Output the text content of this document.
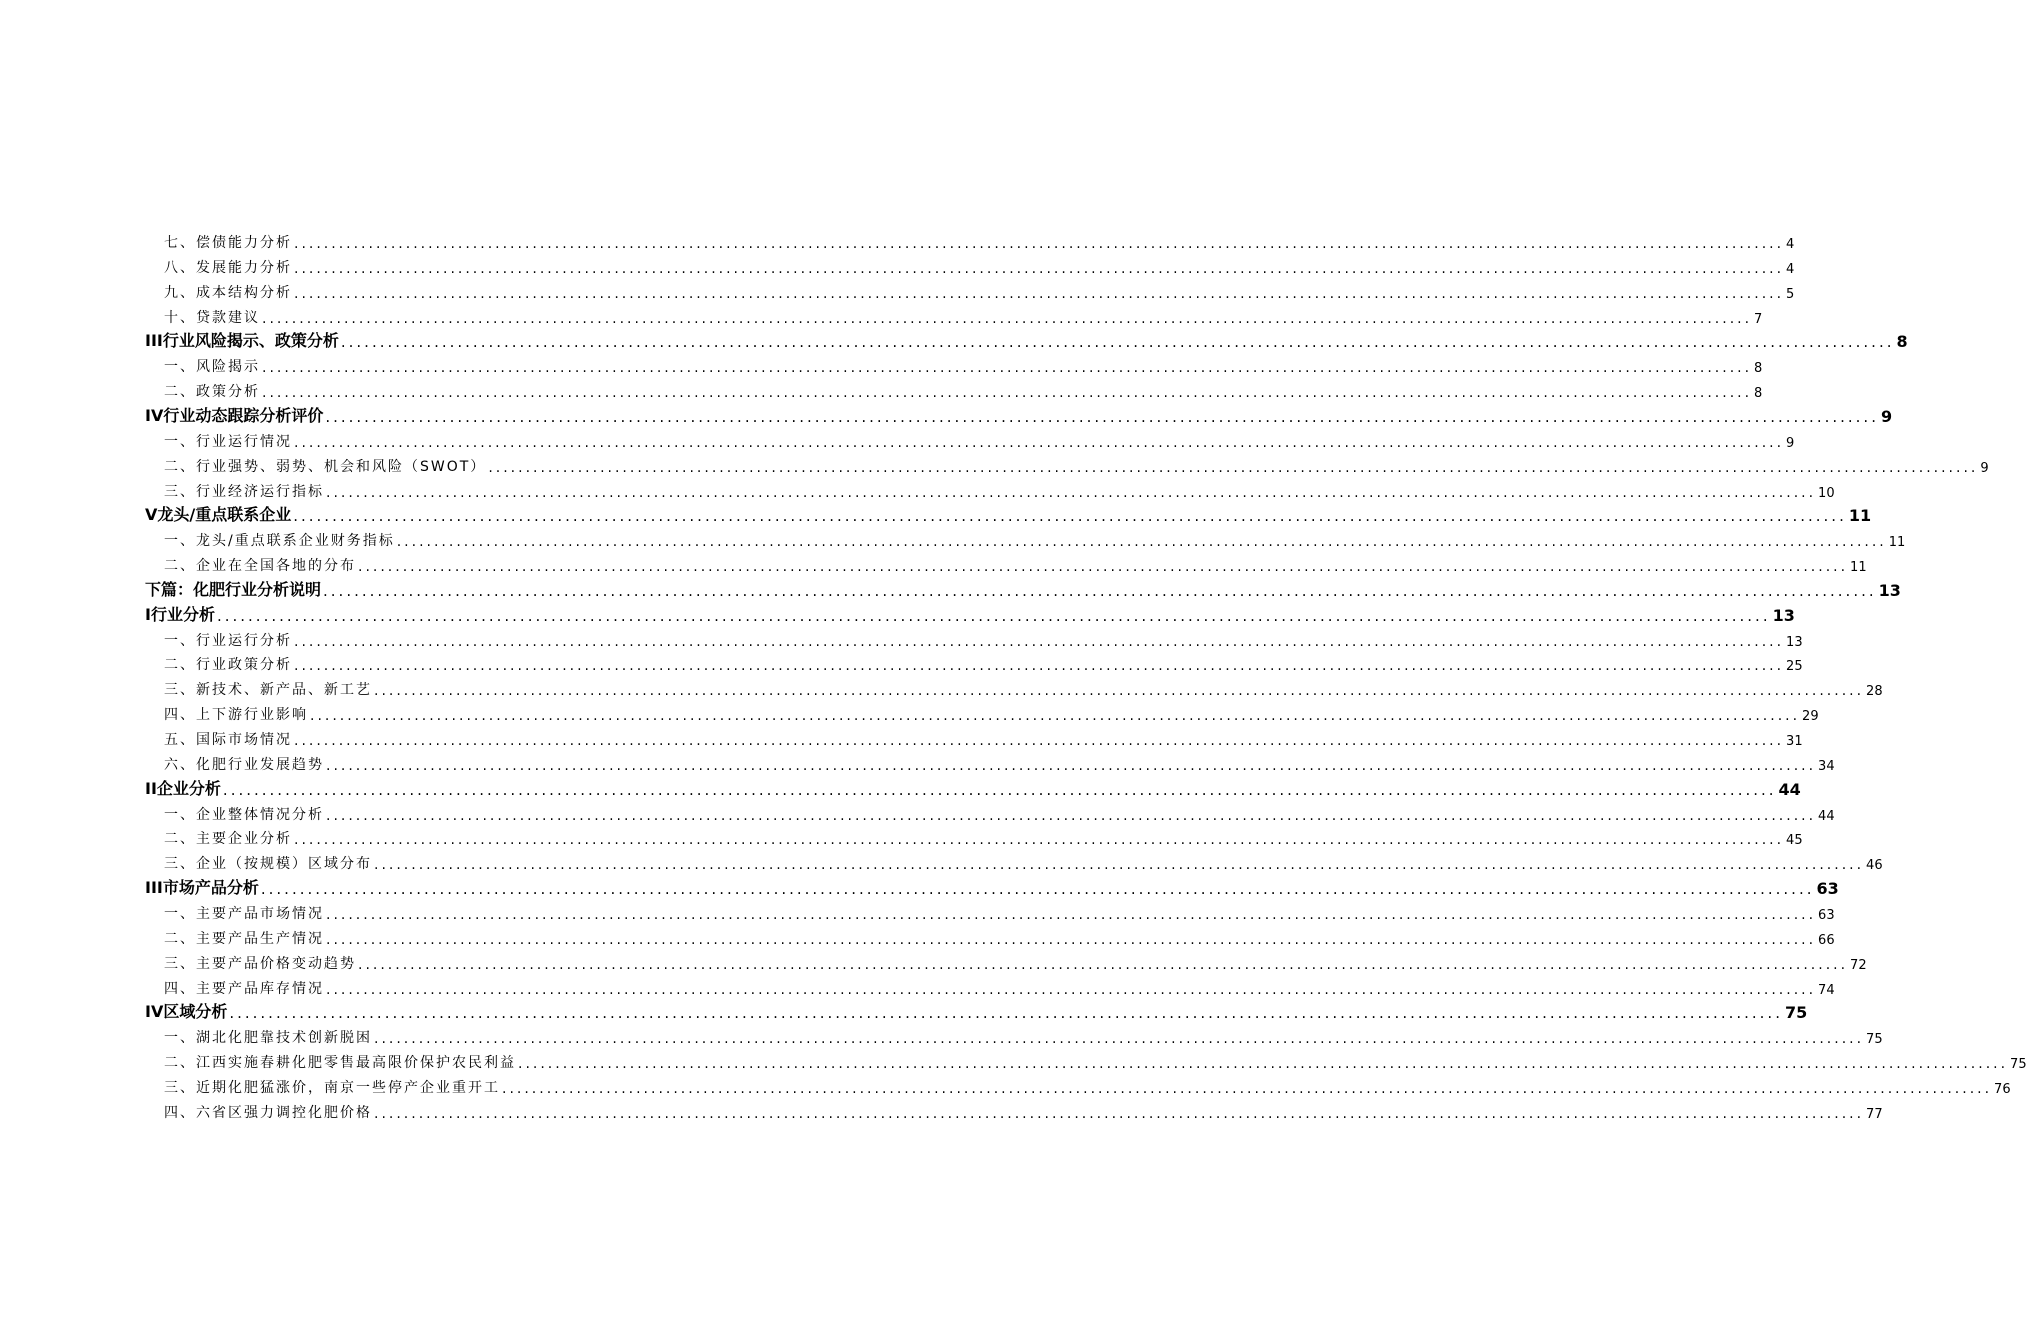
七、偿债能力分析 ........................................................................................................................................................................................................ 4
八、发展能力分析 ........................................................................................................................................................................................................ 4
九、成本结构分析 ........................................................................................................................................................................................................ 5
十、贷款建议 ........................................................................................................................................................................................................ 7
III行业风险揭示、政策分析 ........................................................................................................................................................................................................ 8
一、风险揭示 ........................................................................................................................................................................................................ 8
二、政策分析 ........................................................................................................................................................................................................ 8
IV行业动态跟踪分析评价 ........................................................................................................................................................................................................ 9
一、行业运行情况 ........................................................................................................................................................................................................ 9
二、行业强势、弱势、机会和风险（SWOT） ........................................................................................................................................................................................................ 9
三、行业经济运行指标 ........................................................................................................................................................................................................ 10
V龙头/重点联系企业 ........................................................................................................................................................................................................ 11
一、龙头/重点联系企业财务指标 ........................................................................................................................................................................................................ 11
二、企业在全国各地的分布 ........................................................................................................................................................................................................ 11
下篇：化肥行业分析说明 ........................................................................................................................................................................................................ 13
I行业分析 ........................................................................................................................................................................................................ 13
一、行业运行分析 ........................................................................................................................................................................................................ 13
二、行业政策分析 ........................................................................................................................................................................................................ 25
三、新技术、新产品、新工艺 ........................................................................................................................................................................................................ 28
四、上下游行业影响 ........................................................................................................................................................................................................ 29
五、国际市场情况 ........................................................................................................................................................................................................ 31
六、化肥行业发展趋势 ........................................................................................................................................................................................................ 34
II企业分析 ........................................................................................................................................................................................................ 44
一、企业整体情况分析 ........................................................................................................................................................................................................ 44
二、主要企业分析 ........................................................................................................................................................................................................ 45
三、企业（按规模）区域分布 ........................................................................................................................................................................................................ 46
III市场产品分析 ........................................................................................................................................................................................................ 63
一、主要产品市场情况 ........................................................................................................................................................................................................ 63
二、主要产品生产情况 ........................................................................................................................................................................................................ 66
三、主要产品价格变动趋势 ........................................................................................................................................................................................................ 72
四、主要产品库存情况 ........................................................................................................................................................................................................ 74
IV区域分析 ........................................................................................................................................................................................................ 75
一、湖北化肥靠技术创新脱困 ........................................................................................................................................................................................................ 75
二、江西实施春耕化肥零售最高限价保护农民利益 ........................................................................................................................................................................................................ 75
三、近期化肥猛涨价，南京一些停产企业重开工 ........................................................................................................................................................................................................ 76
四、六省区强力调控化肥价格 ........................................................................................................................................................................................................ 77
